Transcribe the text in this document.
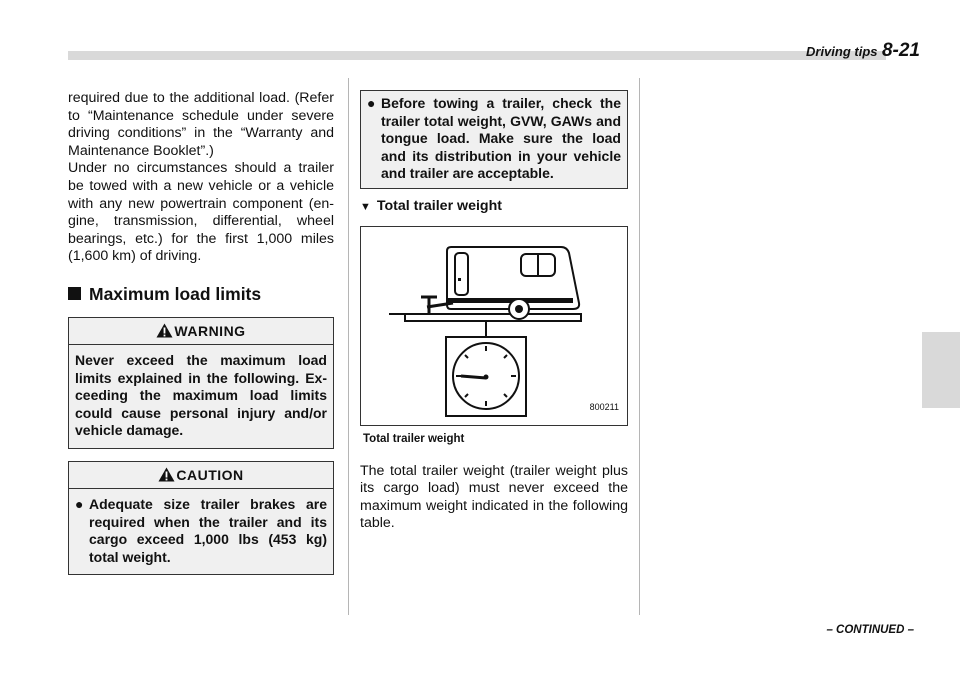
Driving tips 8-21

required due to the additional load. (Refer to “Maintenance schedule under severe driving conditions” in the “Warranty and Maintenance Booklet”.)

Under no circumstances should a trailer be towed with a new vehicle or a vehicle with any new powertrain component (en-gine, transmission, differential, wheel bearings, etc.) for the first 1,000 miles (1,600 km) of driving.

Maximum load limits
WARNING
Never exceed the maximum load limits explained in the following. Ex-ceeding the maximum load limits could cause personal injury and/or vehicle damage.
CAUTION
● Adequate size trailer brakes are required when the trailer and its cargo exceed 1,000 lbs (453 kg) total weight.
● Before towing a trailer, check the trailer total weight, GVW, GAWs and tongue load. Make sure the load and its distribution in your vehicle and trailer are acceptable.
▼ Total trailer weight
800211
Total trailer weight

The total trailer weight (trailer weight plus its cargo load) must never exceed the maximum weight indicated in the following table.

– CONTINUED –
